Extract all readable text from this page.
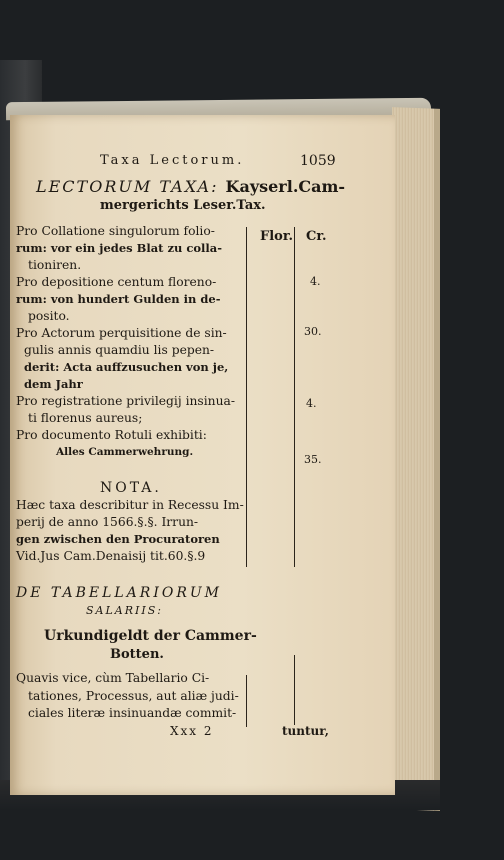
Taxa Lectorum.	1059
LECTORUM TAXA: Kayserl.Cam-
mergerichts Leser.Tax.
Flor. Cr.

Pro Collatione singulorum folio-

rum: vor ein jedes Blat zu colla-

tioniren.

Pro depositione centum floreno-

rum: von hundert Gulden in de-

posito.

Pro Actorum perquisitione de sin-

gulis annis quamdiu lis pepen-

derit: Acta auffzusuchen von je,

dem Jahr

Pro registratione privilegij insinua-

ti florenus aureus;

Pro documento Rotuli exhibiti:

Alles Cammerwehrung.

4.
30.
4.
35.
NOTA.

Hæc taxa describitur in Recessu Im-

perij de anno 1566.§.§. Irrun-

gen zwischen den Procuratoren

Vid.Jus Cam.Denaisij tit.60.§.9

DE TABELLARIORUM
SALARIIS:
Urkundigeldt der Cammer-
Botten.

Quavis vice, cùm Tabellario Ci-

tationes, Processus, aut aliæ judi-

ciales literæ insinuandæ commit-

Xxx 2	tuntur,
